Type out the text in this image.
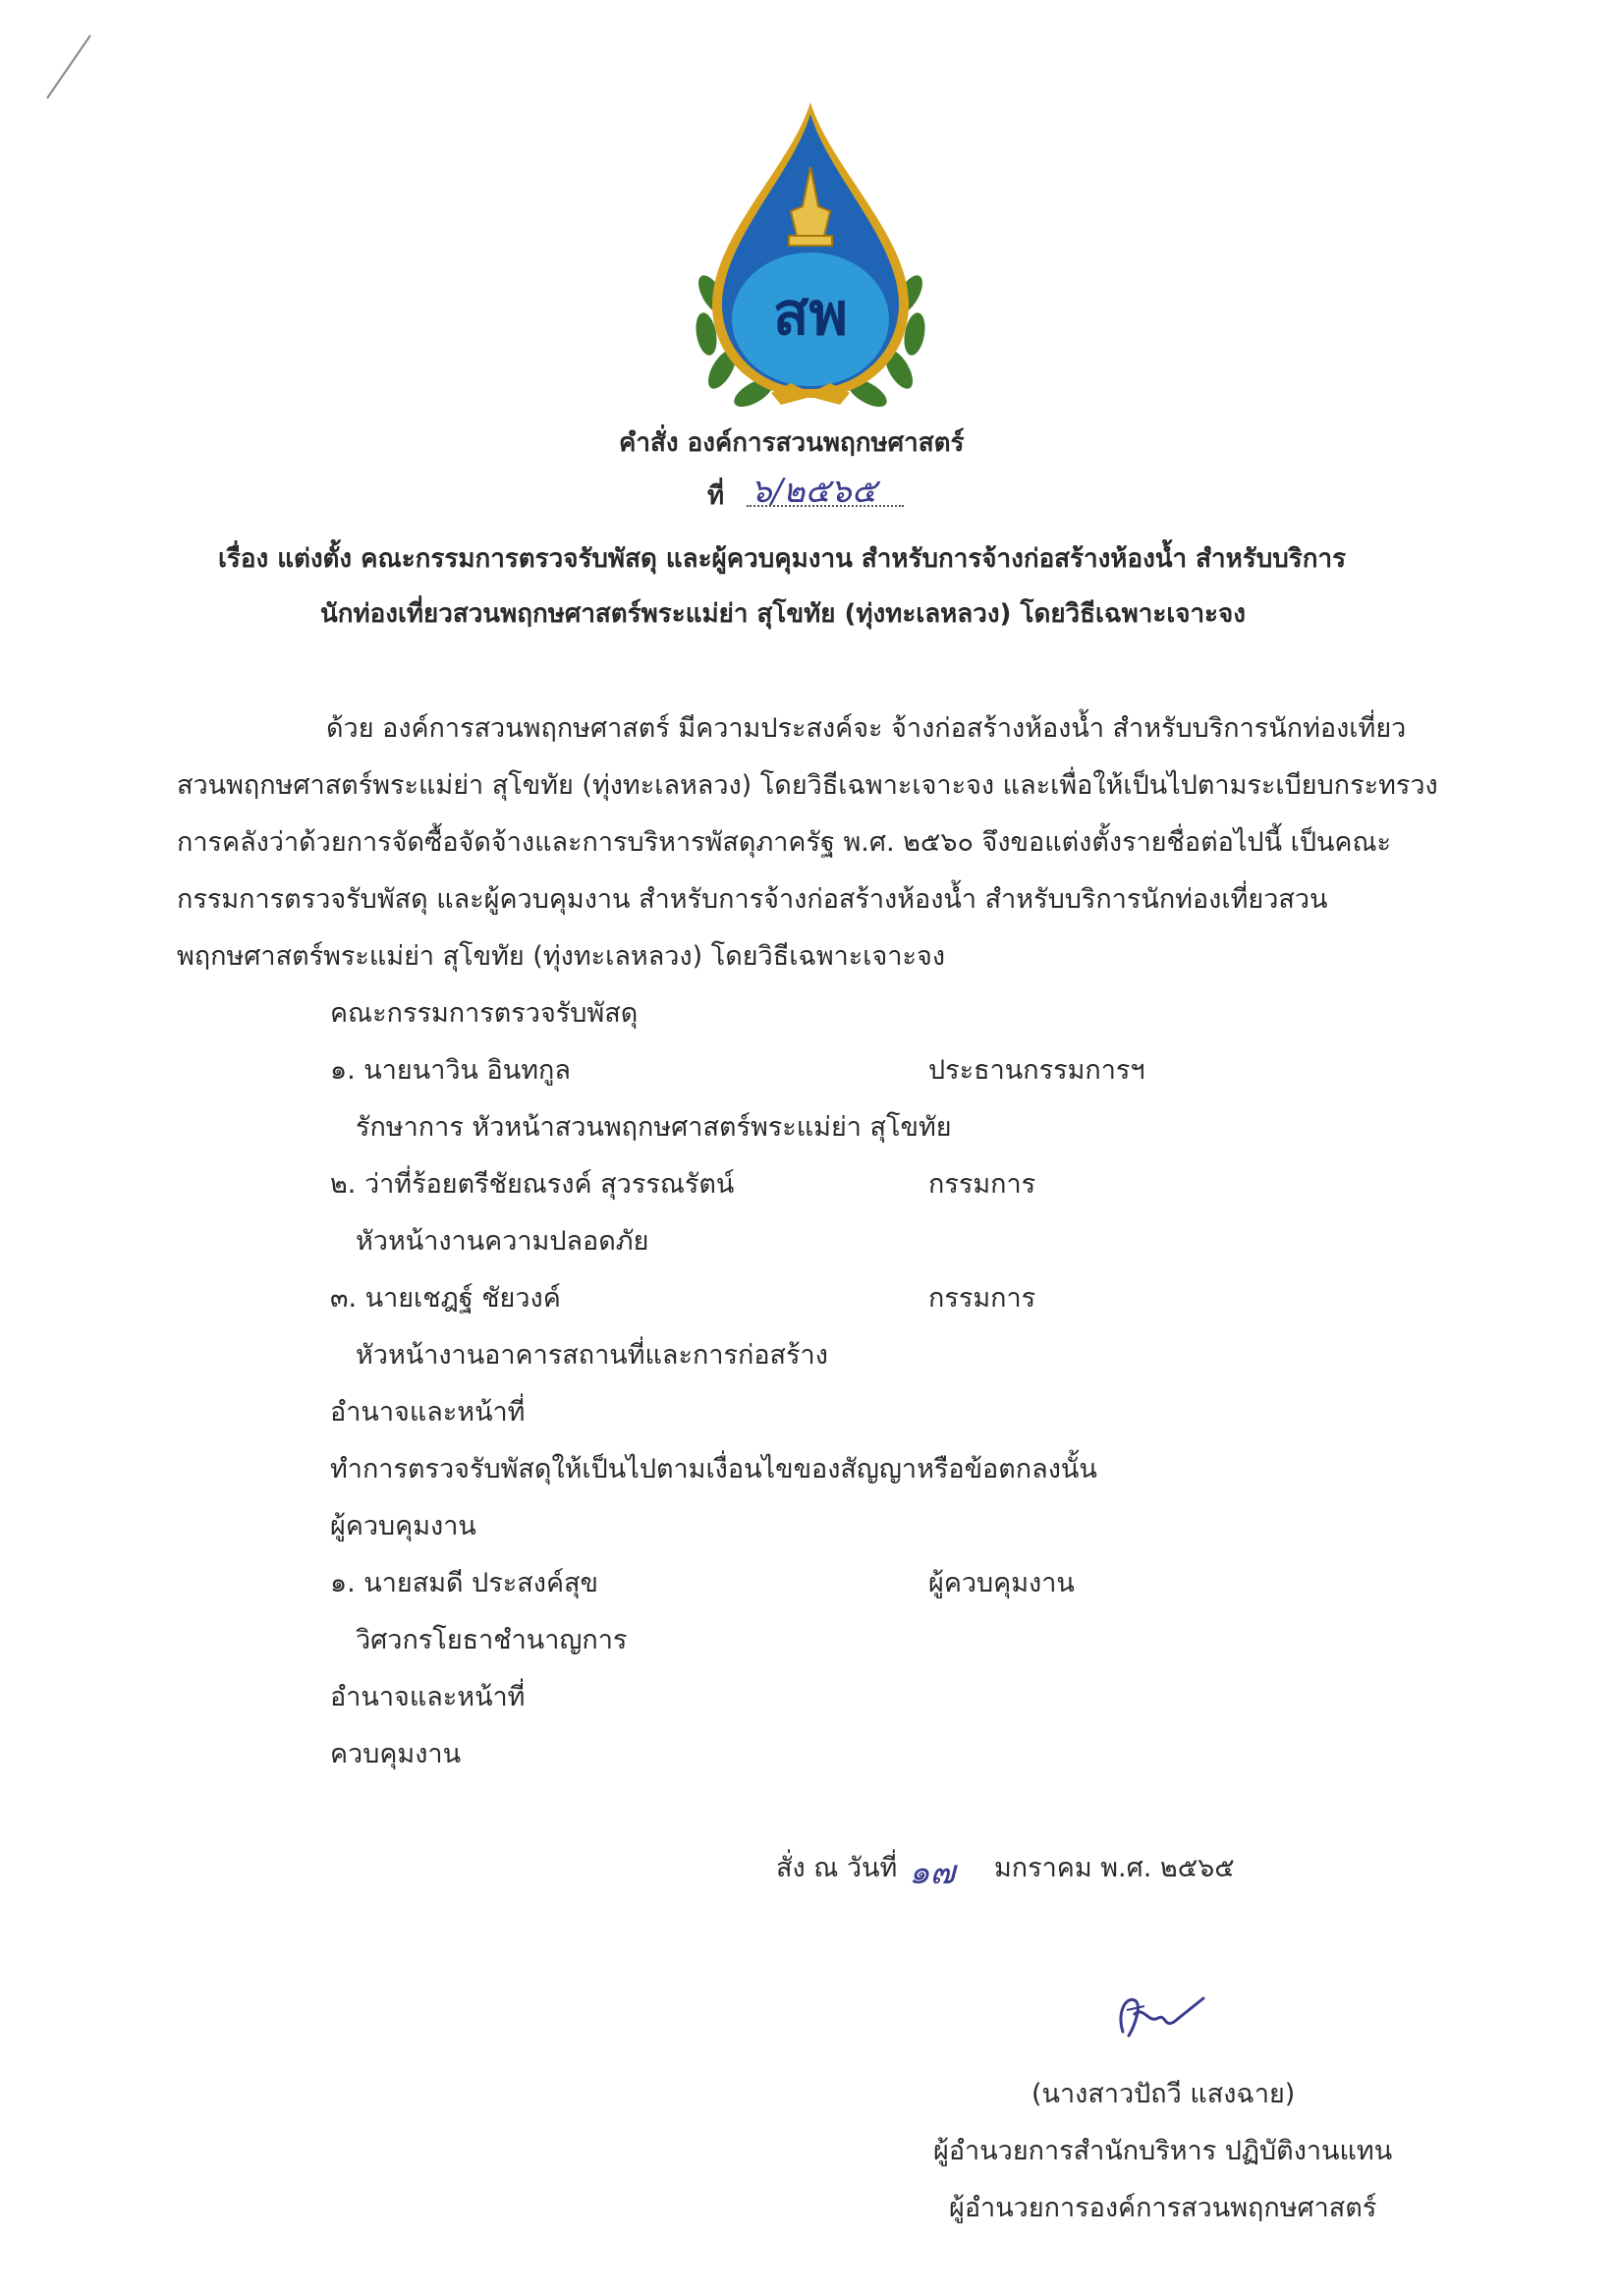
สพ
คำสั่ง องค์การสวนพฤกษศาสตร์
ที่ ๖/๒๕๖๕
เรื่อง แต่งตั้ง คณะกรรมการตรวจรับพัสดุ และผู้ควบคุมงาน สำหรับการจ้างก่อสร้างห้องน้ำ สำหรับบริการ
นักท่องเที่ยวสวนพฤกษศาสตร์พระแม่ย่า สุโขทัย (ทุ่งทะเลหลวง) โดยวิธีเฉพาะเจาะจง
ด้วย องค์การสวนพฤกษศาสตร์ มีความประสงค์จะ จ้างก่อสร้างห้องน้ำ สำหรับบริการนักท่องเที่ยว
สวนพฤกษศาสตร์พระแม่ย่า สุโขทัย (ทุ่งทะเลหลวง) โดยวิธีเฉพาะเจาะจง และเพื่อให้เป็นไปตามระเบียบกระทรวง
การคลังว่าด้วยการจัดซื้อจัดจ้างและการบริหารพัสดุภาครัฐ พ.ศ. ๒๕๖๐ จึงขอแต่งตั้งรายชื่อต่อไปนี้ เป็นคณะ
กรรมการตรวจรับพัสดุ และผู้ควบคุมงาน สำหรับการจ้างก่อสร้างห้องน้ำ สำหรับบริการนักท่องเที่ยวสวน
พฤกษศาสตร์พระแม่ย่า สุโขทัย (ทุ่งทะเลหลวง) โดยวิธีเฉพาะเจาะจง
คณะกรรมการตรวจรับพัสดุ
๑. นายนาวิน อินทกูล	ประธานกรรมการฯ
รักษาการ หัวหน้าสวนพฤกษศาสตร์พระแม่ย่า สุโขทัย
๒. ว่าที่ร้อยตรีชัยณรงค์ สุวรรณรัตน์	กรรมการ
หัวหน้างานความปลอดภัย
๓. นายเชฎฐ์ ชัยวงค์	กรรมการ
หัวหน้างานอาคารสถานที่และการก่อสร้าง
อำนาจและหน้าที่
ทำการตรวจรับพัสดุให้เป็นไปตามเงื่อนไขของสัญญาหรือข้อตกลงนั้น
ผู้ควบคุมงาน
๑. นายสมดี ประสงค์สุข	ผู้ควบคุมงาน
วิศวกรโยธาชำนาญการ
อำนาจและหน้าที่
ควบคุมงาน
สั่ง ณ วันที่ ๑๗ มกราคม พ.ศ. ๒๕๖๕
(นางสาวปัถวี แสงฉาย)
ผู้อำนวยการสำนักบริหาร ปฏิบัติงานแทน
ผู้อำนวยการองค์การสวนพฤกษศาสตร์
